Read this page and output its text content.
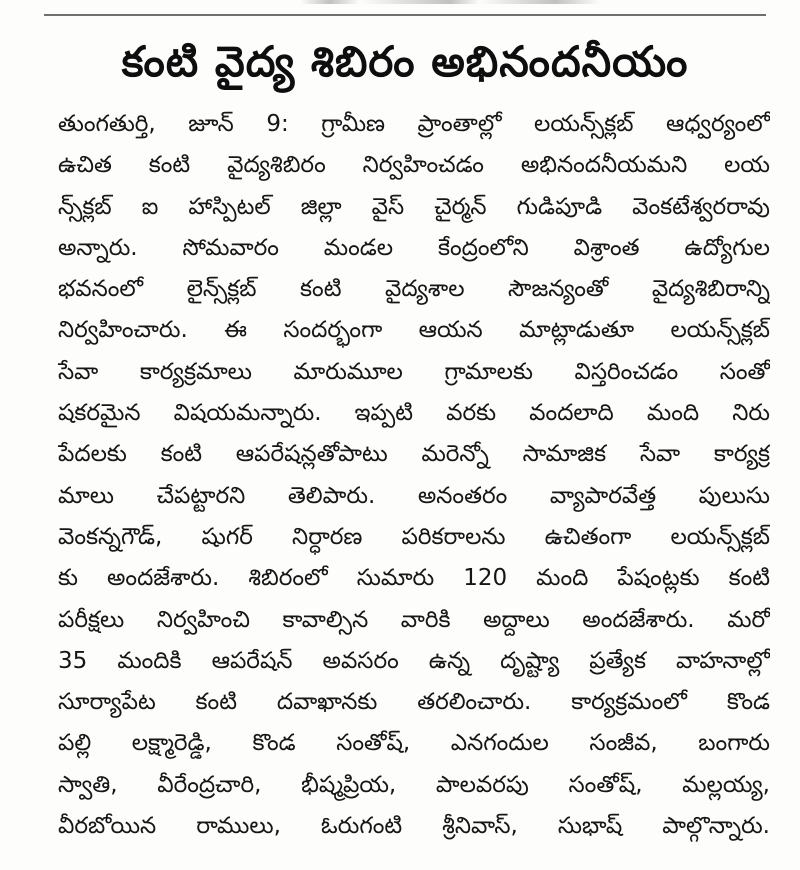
కంటి వైద్య శిబిరం అభినందనీయం
తుంగతుర్తి, జూన్ 9: గ్రామీణ ప్రాంతాల్లో లయన్స్‌క్లబ్ ఆధ్వర్యంలో
ఉచిత కంటి వైద్యశిబిరం నిర్వహించడం అభినందనీయమని లయ
న్స్‌క్లబ్ ఐ హాస్పిటల్ జిల్లా వైస్ చైర్మన్ గుడిపూడి వెంకటేశ్వరరావు
అన్నారు. సోమవారం మండల కేంద్రంలోని విశ్రాంత ఉద్యోగుల
భవనంలో లైన్స్‌క్లబ్ కంటి వైద్యశాల సౌజన్యంతో వైద్యశిబిరాన్ని
నిర్వహించారు. ఈ సందర్భంగా ఆయన మాట్లాడుతూ లయన్స్‌క్లబ్
సేవా కార్యక్రమాలు మారుమూల గ్రామాలకు విస్తరించడం సంతో
షకరమైన విషయమన్నారు. ఇప్పటి వరకు వందలాది మంది నిరు
పేదలకు కంటి ఆపరేషన్లతోపాటు మరెన్నో సామాజిక సేవా కార్యక్ర
మాలు చేపట్టారని తెలిపారు. అనంతరం వ్యాపారవేత్త పులుసు
వెంకన్నగౌడ్, షుగర్ నిర్ధారణ పరికరాలను ఉచితంగా లయన్స్‌క్లబ్
కు అందజేశారు. శిబిరంలో సుమారు 120 మంది పేషంట్లకు కంటి
పరీక్షలు నిర్వహించి కావాల్సిన వారికి అద్దాలు అందజేశారు. మరో
35 మందికి ఆపరేషన్ అవసరం ఉన్న దృష్ట్యా ప్రత్యేక వాహనాల్లో
సూర్యాపేట కంటి దవాఖానకు తరలించారు. కార్యక్రమంలో కొండ
పల్లి లక్ష్మారెడ్డి, కొండ సంతోష్, ఎనగందుల సంజీవ, బంగారు
స్వాతి, వీరేంద్రచారి, భీష్మప్రియ, పాలవరపు సంతోష్, మల్లయ్య,
వీరబోయిన రాములు, ఓరుగంటి శ్రీనివాస్, సుభాష్ పాల్గొన్నారు.
